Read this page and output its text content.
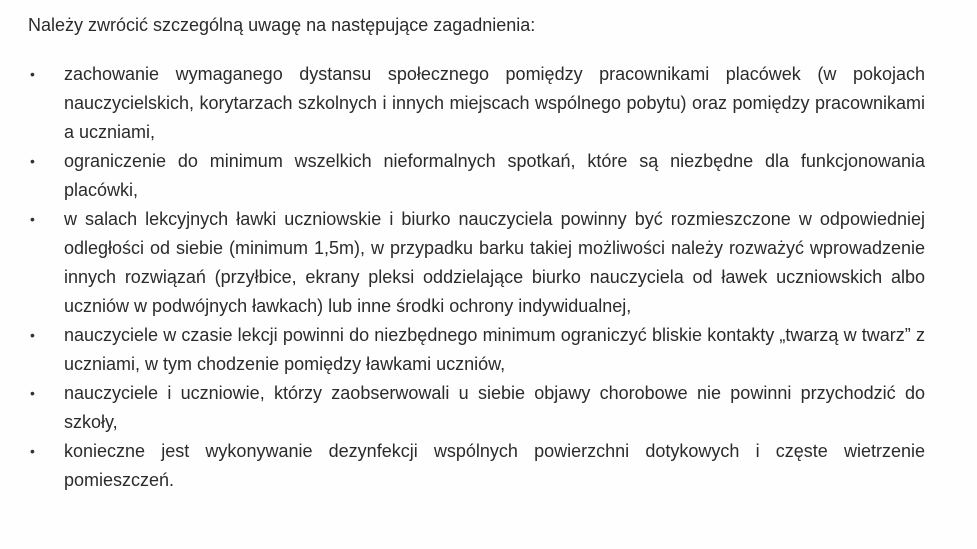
Należy zwrócić szczególną uwagę na następujące zagadnienia:

• zachowanie wymaganego dystansu społecznego pomiędzy pracownikami placówek (w pokojach nauczycielskich, korytarzach szkolnych i innych miejscach wspólnego pobytu) oraz pomiędzy pracownikami a uczniami,
• ograniczenie do minimum wszelkich nieformalnych spotkań, które są niezbędne dla funkcjonowania placówki,
• w salach lekcyjnych ławki uczniowskie i biurko nauczyciela powinny być rozmieszczone w odpowiedniej odległości od siebie (minimum 1,5m), w przypadku barku takiej możliwości należy rozważyć wprowadzenie innych rozwiązań (przyłbice, ekrany pleksi oddzielające biurko nauczyciela od ławek uczniowskich albo uczniów w podwójnych ławkach) lub inne środki ochrony indywidualnej,
• nauczyciele w czasie lekcji powinni do niezbędnego minimum ograniczyć bliskie kontakty „twarzą w twarz” z uczniami, w tym chodzenie pomiędzy ławkami uczniów,
• nauczyciele i uczniowie, którzy zaobserwowali u siebie objawy chorobowe nie powinni przychodzić do szkoły,
• konieczne jest wykonywanie dezynfekcji wspólnych powierzchni dotykowych i częste wietrzenie pomieszczeń.
